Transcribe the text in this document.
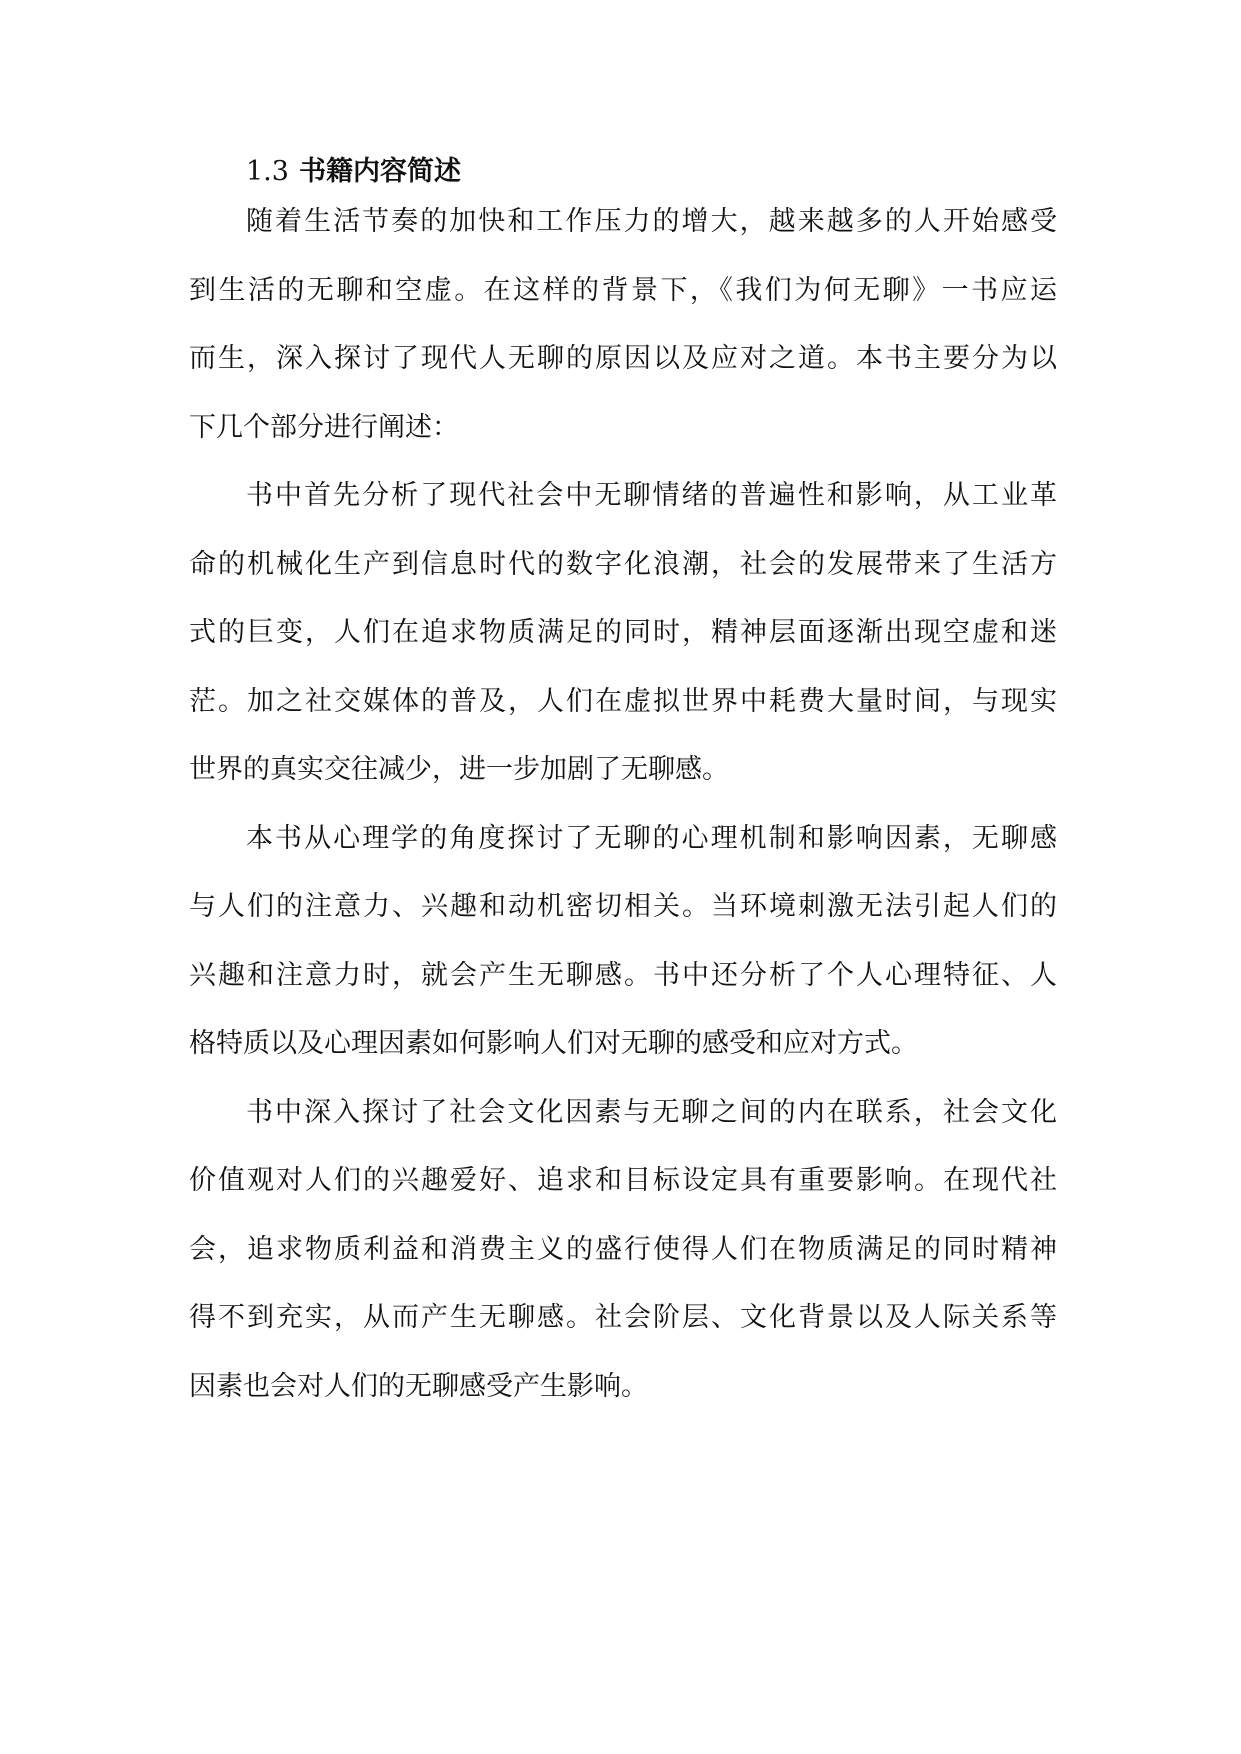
1.3 书籍内容简述
随着生活节奏的加快和工作压力的增大，越来越多的人开始感受
到生活的无聊和空虚。在这样的背景下，《我们为何无聊》一书应运
而生，深入探讨了现代人无聊的原因以及应对之道。本书主要分为以
下几个部分进行阐述：
书中首先分析了现代社会中无聊情绪的普遍性和影响，从工业革
命的机械化生产到信息时代的数字化浪潮，社会的发展带来了生活方
式的巨变，人们在追求物质满足的同时，精神层面逐渐出现空虚和迷
茫。加之社交媒体的普及，人们在虚拟世界中耗费大量时间，与现实
世界的真实交往减少，进一步加剧了无聊感。
本书从心理学的角度探讨了无聊的心理机制和影响因素，无聊感
与人们的注意力、兴趣和动机密切相关。当环境刺激无法引起人们的
兴趣和注意力时，就会产生无聊感。书中还分析了个人心理特征、人
格特质以及心理因素如何影响人们对无聊的感受和应对方式。
书中深入探讨了社会文化因素与无聊之间的内在联系，社会文化
价值观对人们的兴趣爱好、追求和目标设定具有重要影响。在现代社
会，追求物质利益和消费主义的盛行使得人们在物质满足的同时精神
得不到充实，从而产生无聊感。社会阶层、文化背景以及人际关系等
因素也会对人们的无聊感受产生影响。
